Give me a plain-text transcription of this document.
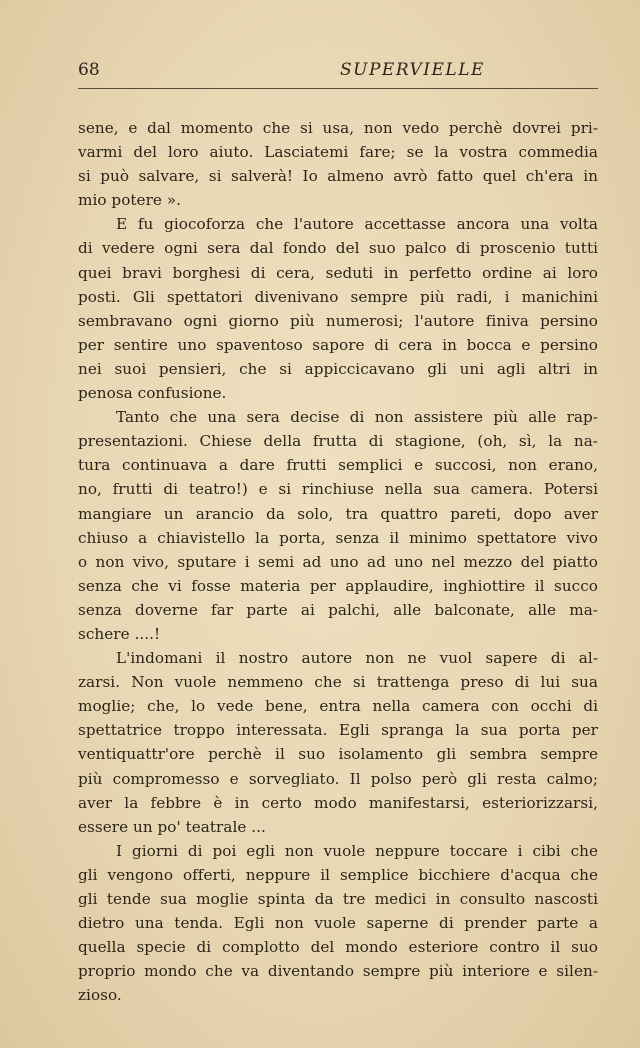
68	SUPERVIELLE
sene, e dal momento che si usa, non vedo perchè dovrei pri-
varmi del loro aiuto. Lasciatemi fare; se la vostra commedia
si può salvare, si salverà! Io almeno avrò fatto quel ch'era in
mio potere ».
E fu giocoforza che l'autore accettasse ancora una volta
di vedere ogni sera dal fondo del suo palco di proscenio tutti
quei bravi borghesi di cera, seduti in perfetto ordine ai loro
posti. Gli spettatori divenivano sempre più radi, i manichini
sembravano ogni giorno più numerosi; l'autore finiva persino
per sentire uno spaventoso sapore di cera in bocca e persino
nei suoi pensieri, che si appiccicavano gli uni agli altri in
penosa confusione.
Tanto che una sera decise di non assistere più alle rap-
presentazioni. Chiese della frutta di stagione, (oh, sì, la na-
tura continuava a dare frutti semplici e succosi, non erano,
no, frutti di teatro!) e si rinchiuse nella sua camera. Potersi
mangiare un arancio da solo, tra quattro pareti, dopo aver
chiuso a chiavistello la porta, senza il minimo spettatore vivo
o non vivo, sputare i semi ad uno ad uno nel mezzo del piatto
senza che vi fosse materia per applaudire, inghiottire il succo
senza doverne far parte ai palchi, alle balconate, alle ma-
schere ....!
L'indomani il nostro autore non ne vuol sapere di al-
zarsi. Non vuole nemmeno che si trattenga preso di lui sua
moglie; che, lo vede bene, entra nella camera con occhi di
spettatrice troppo interessata. Egli spranga la sua porta per
ventiquattr'ore perchè il suo isolamento gli sembra sempre
più compromesso e sorvegliato. Il polso però gli resta calmo;
aver la febbre è in certo modo manifestarsi, esteriorizzarsi,
essere un po' teatrale ...
I giorni di poi egli non vuole neppure toccare i cibi che
gli vengono offerti, neppure il semplice bicchiere d'acqua che
gli tende sua moglie spinta da tre medici in consulto nascosti
dietro una tenda. Egli non vuole saperne di prender parte a
quella specie di complotto del mondo esteriore contro il suo
proprio mondo che va diventando sempre più interiore e silen-
zioso.
